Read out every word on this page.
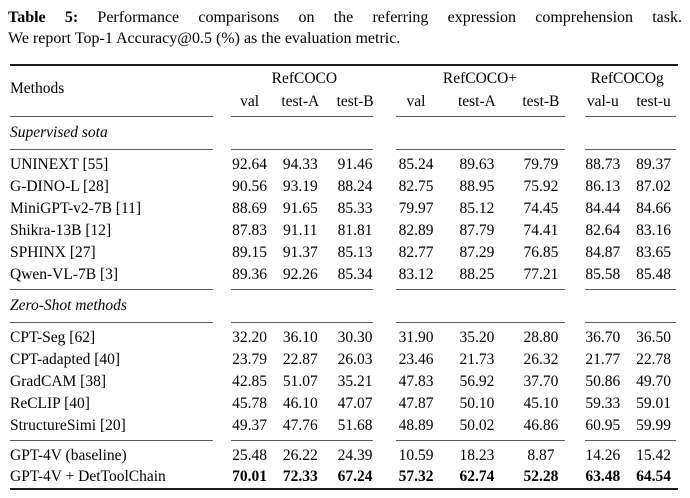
Table 5: Performance comparisons on the referring expression comprehension task.
We report Top-1 Accuracy@0.5 (%) as the evaluation metric.
Methods	RefCOCO			RefCOCO+			RefCOCOg	
	val	test-A	test-B	val	test-A	test-B	val-u	test-u

Supervised sota								

UNINEXT [55]	92.64	94.33	91.46	85.24	89.63	79.79	88.73	89.37
G-DINO-L [28]	90.56	93.19	88.24	82.75	88.95	75.92	86.13	87.02
MiniGPT-v2-7B [11]	88.69	91.65	85.33	79.97	85.12	74.45	84.44	84.66
Shikra-13B [12]	87.83	91.11	81.81	82.89	87.79	74.41	82.64	83.16
SPHINX [27]	89.15	91.37	85.13	82.77	87.29	76.85	84.87	83.65
Qwen-VL-7B [3]	89.36	92.26	85.34	83.12	88.25	77.21	85.58	85.48

Zero-Shot methods								

CPT-Seg [62]	32.20	36.10	30.30	31.90	35.20	28.80	36.70	36.50
CPT-adapted [40]	23.79	22.87	26.03	23.46	21.73	26.32	21.77	22.78
GradCAM [38]	42.85	51.07	35.21	47.83	56.92	37.70	50.86	49.70
ReCLIP [40]	45.78	46.10	47.07	47.87	50.10	45.10	59.33	59.01
StructureSimi [20]	49.37	47.76	51.68	48.89	50.02	46.86	60.95	59.99

GPT-4V (baseline)	25.48	26.22	24.39	10.59	18.23	8.87	14.26	15.42
GPT-4V + DetToolChain	70.01	72.33	67.24	57.32	62.74	52.28	63.48	64.54
